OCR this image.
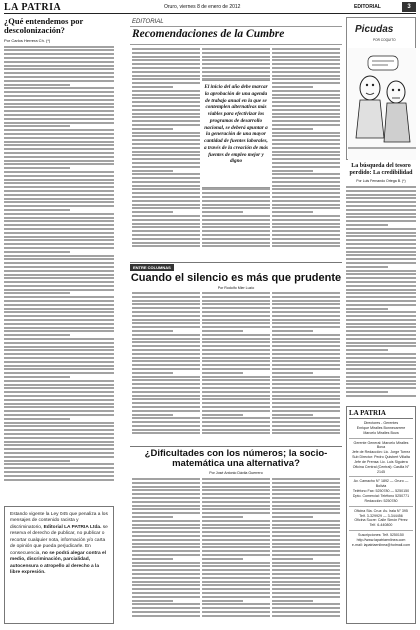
LA PATRIA	Oruro, viernes 8 de enero de 2012	EDITORIAL	3
¿Qué entendemos por descolonización?
Por Carlos Herrera Ch. (*)
Estando vigente la Ley 045 que penaliza a los mensajes de contenido racista y discriminatorio, Editorial LA PATRIA Ltda. se reserva el derecho de publicar, no publicar o recortar cualquier nota, información y/o carta de opinión que pueda perjudicarle. En consecuencia, no se podrá alegar contra el medio, discriminación, parcialidad, autocensura o atropello al derecho a la libre expresión.
EDITORIAL
Recomendaciones de la Cumbre
El inicio del año debe marcar la aprobación de una agenda de trabajo anual en la que se contemplen alternativas más viables para efectivizar los programas de desarrollo nacional, se deberá apuntar a la generación de una mayor cantidad de fuentes laborales, a través de la creación de más fuentes de empleo mejor y digno
Picudas
POR COQUITO
La búsqueda del tesoro perdido: La credibilidad
Por Luis Fernando Ortega B. (*)
ENTRE COLUMNAS
Cuando el silencio es más que prudente
Por Rodolfo Mier Luzio
¿Dificultades con los números; la socio-matemática una alternativa?
Por José Antonio Dávila Guerrero
LA PATRIA
Directores - Gerentes
Enrique Miralles Bonnecarrere
Marcelo Miralles Bova
Gerente General: Marcelo Miralles Bova
Jefe de Redacción: Lic. Jorge Torrez
Sub Director: Pedro Quisbert Villalta
Jefe de Prensa: Lic. Luis Siguiera
Oficina Central (Central): Casilla N° 2145
Av. Camacho N° 1892 — Oruro — Bolivia
Teléfono Fax: 5250780 — 5250150
Dpto. Comercial: Teléfono 5250771
Redacción: 5250780
Oficina Sta. Cruz: Av. Irala N° 395
Telf. 3-329929 — 3-344456
Oficina Sucre: Calle Simón Pérez
Telf. 6-440800
Suscripciones: Telf. 5250150
http://www.lapatriaenlinea.com
e-mail: lapatriaenlinea@hotmail.com
